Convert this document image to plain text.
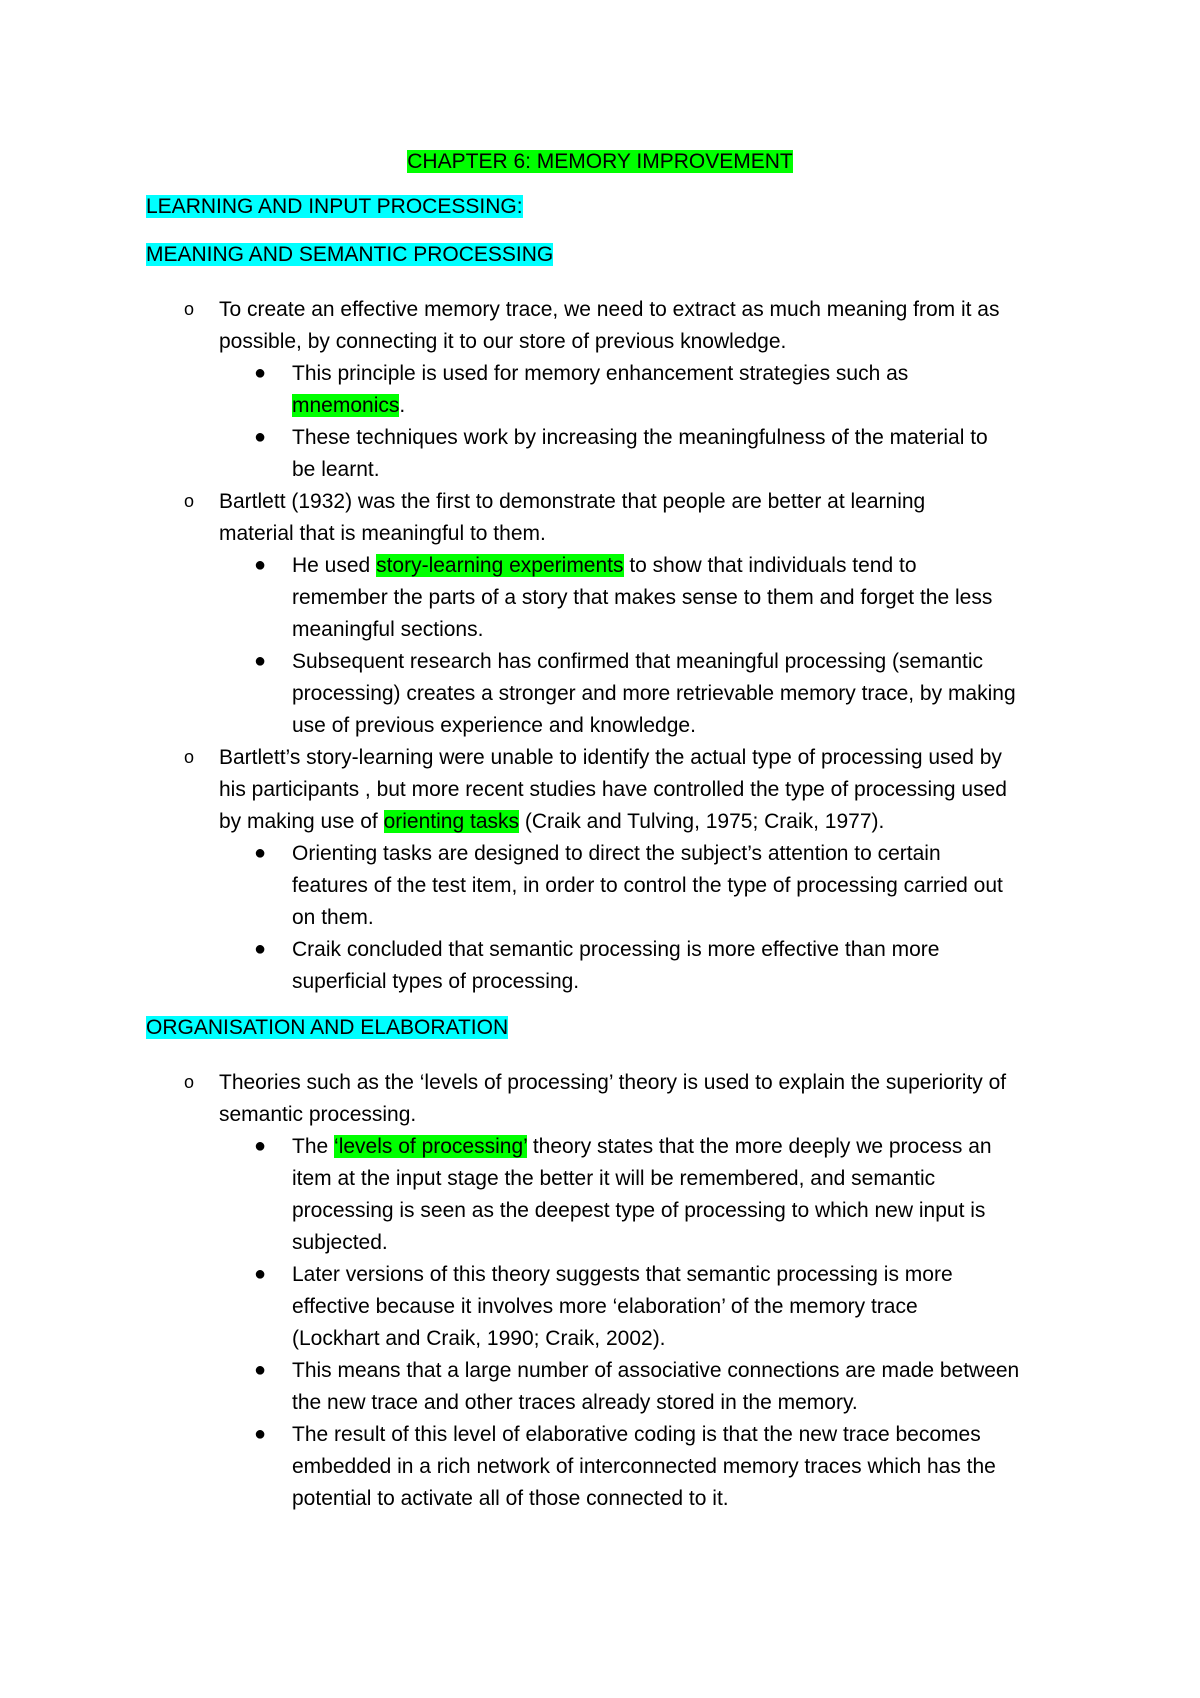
CHAPTER 6: MEMORY IMPROVEMENT
LEARNING AND INPUT PROCESSING:
MEANING AND SEMANTIC PROCESSING
o To create an effective memory trace, we need to extract as much meaning from it as
possible, by connecting it to our store of previous knowledge.
● This principle is used for memory enhancement strategies such as
mnemonics.
● These techniques work by increasing the meaningfulness of the material to
be learnt.
o Bartlett (1932) was the first to demonstrate that people are better at learning
material that is meaningful to them.
● He used story-learning experiments to show that individuals tend to
remember the parts of a story that makes sense to them and forget the less
meaningful sections.
● Subsequent research has confirmed that meaningful processing (semantic
processing) creates a stronger and more retrievable memory trace, by making
use of previous experience and knowledge.
o Bartlett’s story-learning were unable to identify the actual type of processing used by
his participants , but more recent studies have controlled the type of processing used
by making use of orienting tasks (Craik and Tulving, 1975; Craik, 1977).
● Orienting tasks are designed to direct the subject’s attention to certain
features of the test item, in order to control the type of processing carried out
on them.
● Craik concluded that semantic processing is more effective than more
superficial types of processing.
ORGANISATION AND ELABORATION
o Theories such as the ‘levels of processing’ theory is used to explain the superiority of
semantic processing.
● The ‘levels of processing’ theory states that the more deeply we process an
item at the input stage the better it will be remembered, and semantic
processing is seen as the deepest type of processing to which new input is
subjected.
● Later versions of this theory suggests that semantic processing is more
effective because it involves more ‘elaboration’ of the memory trace
(Lockhart and Craik, 1990; Craik, 2002).
● This means that a large number of associative connections are made between
the new trace and other traces already stored in the memory.
● The result of this level of elaborative coding is that the new trace becomes
embedded in a rich network of interconnected memory traces which has the
potential to activate all of those connected to it.
